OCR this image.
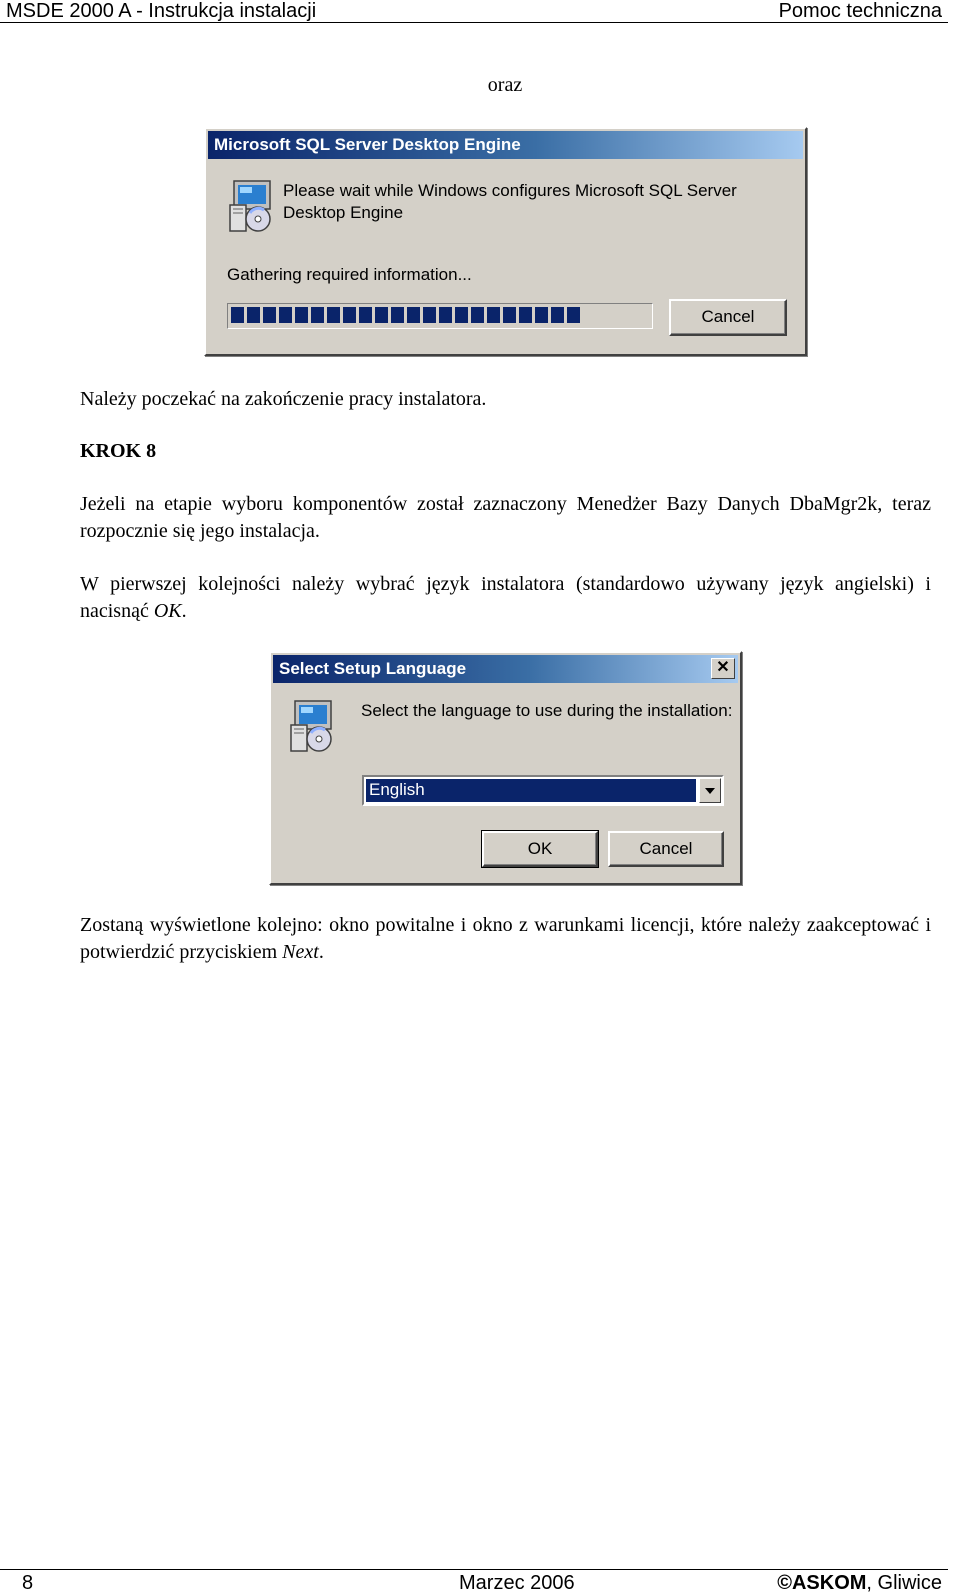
MSDE 2000 A - Instrukcja instalacji	Pomoc techniczna
oraz
Microsoft SQL Server Desktop Engine
Please wait while Windows configures Microsoft SQL Server
Desktop Engine
Gathering required information...
Cancel
Należy poczekać na zakończenie pracy instalatora.
KROK 8
Jeżeli na etapie wyboru komponentów został zaznaczony Menedżer Bazy Danych DbaMgr2k, teraz rozpocznie się jego instalacja.
W pierwszej kolejności należy wybrać język instalatora (standardowo używany język angielski) i nacisnąć OK.
Select Setup Language	✕
Select the language to use during the installation:
English
OK	Cancel
Zostaną wyświetlone kolejno: okno powitalne i okno z warunkami licencji, które należy zaakceptować i potwierdzić przyciskiem Next.
8	Marzec 2006	©ASKOM, Gliwice
